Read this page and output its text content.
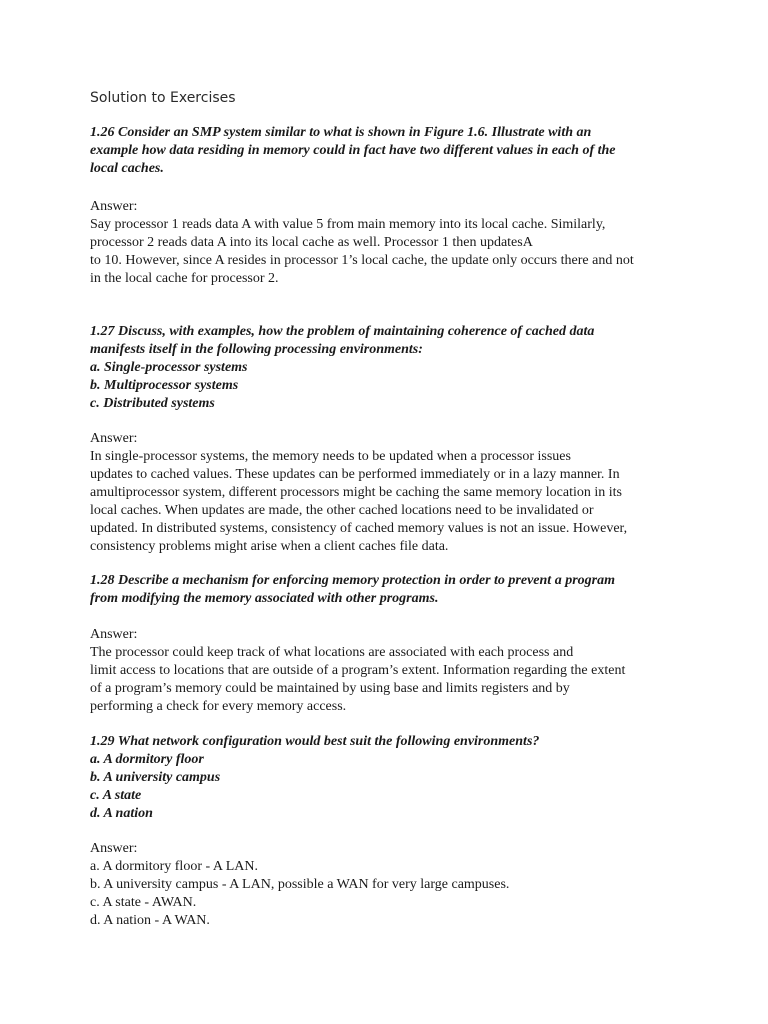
Solution to Exercises
1.26 Consider an SMP system similar to what is shown in Figure 1.6. Illustrate with an
example how data residing in memory could in fact have two different values in each of the
local caches.
Answer:
Say processor 1 reads data A with value 5 from main memory into its local cache. Similarly,
processor 2 reads data A into its local cache as well. Processor 1 then updatesA
to 10. However, since A resides in processor 1’s local cache, the update only occurs there and not
in the local cache for processor 2.
1.27 Discuss, with examples, how the problem of maintaining coherence of cached data
manifests itself in the following processing environments:
a. Single-processor systems
b. Multiprocessor systems
c. Distributed systems
Answer:
In single-processor systems, the memory needs to be updated when a processor issues
updates to cached values. These updates can be performed immediately or in a lazy manner. In
amultiprocessor system, different processors might be caching the same memory location in its
local caches. When updates are made, the other cached locations need to be invalidated or
updated. In distributed systems, consistency of cached memory values is not an issue. However,
consistency problems might arise when a client caches file data.
1.28 Describe a mechanism for enforcing memory protection in order to prevent a program
from modifying the memory associated with other programs.
Answer:
The processor could keep track of what locations are associated with each process and
limit access to locations that are outside of a program’s extent. Information regarding the extent
of a program’s memory could be maintained by using base and limits registers and by
performing a check for every memory access.
1.29 What network configuration would best suit the following environments?
a. A dormitory floor
b. A university campus
c. A state
d. A nation
Answer:
a. A dormitory floor - A LAN.
b. A university campus - A LAN, possible a WAN for very large campuses.
c. A state - AWAN.
d. A nation - A WAN.
